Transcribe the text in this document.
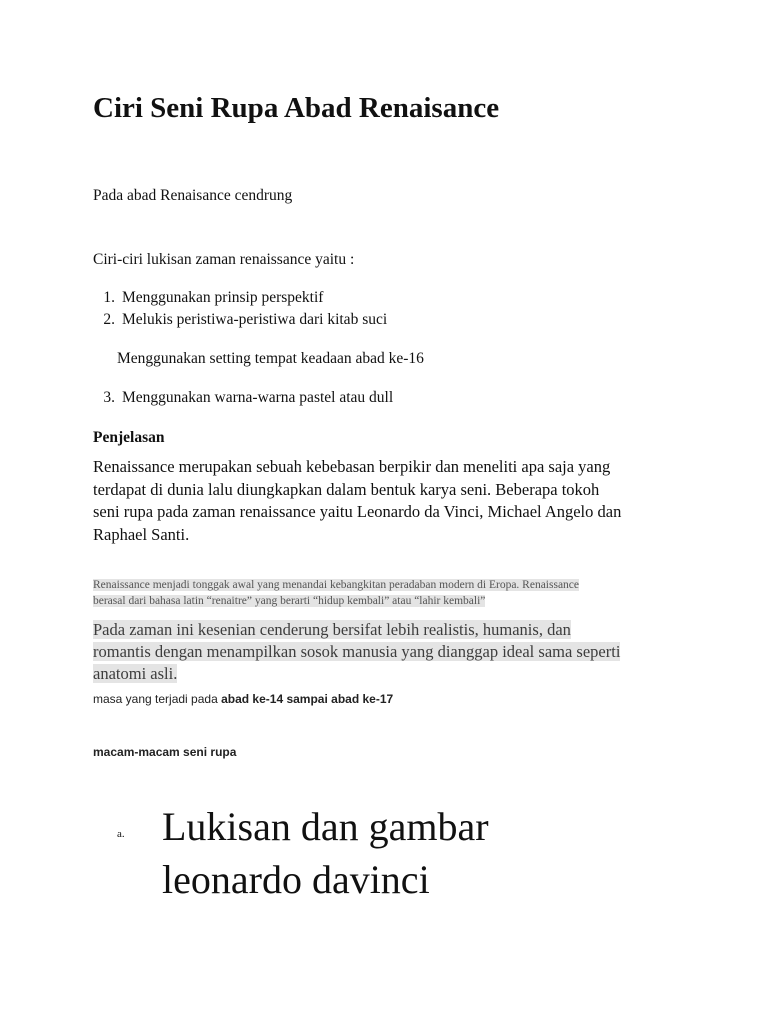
Ciri Seni Rupa Abad Renaisance
Pada abad Renaisance cendrung
Ciri-ciri lukisan zaman renaissance yaitu :
1. Menggunakan prinsip perspektif
2. Melukis peristiwa-peristiwa dari kitab suci
Menggunakan setting tempat keadaan abad ke-16
3. Menggunakan warna-warna pastel atau dull
Penjelasan
Renaissance merupakan sebuah kebebasan berpikir dan meneliti apa saja yang
terdapat di dunia lalu diungkapkan dalam bentuk karya seni. Beberapa tokoh
seni rupa pada zaman renaissance yaitu Leonardo da Vinci, Michael Angelo dan
Raphael Santi.
Renaissance menjadi tonggak awal yang menandai kebangkitan peradaban modern di Eropa. Renaissance
berasal dari bahasa latin “renaitre” yang berarti “hidup kembali” atau “lahir kembali”
Pada zaman ini kesenian cenderung bersifat lebih realistis, humanis, dan
romantis dengan menampilkan sosok manusia yang dianggap ideal sama seperti
anatomi asli.
masa yang terjadi pada abad ke-14 sampai abad ke-17
macam-macam seni rupa
a. Lukisan dan gambar
leonardo davinci
